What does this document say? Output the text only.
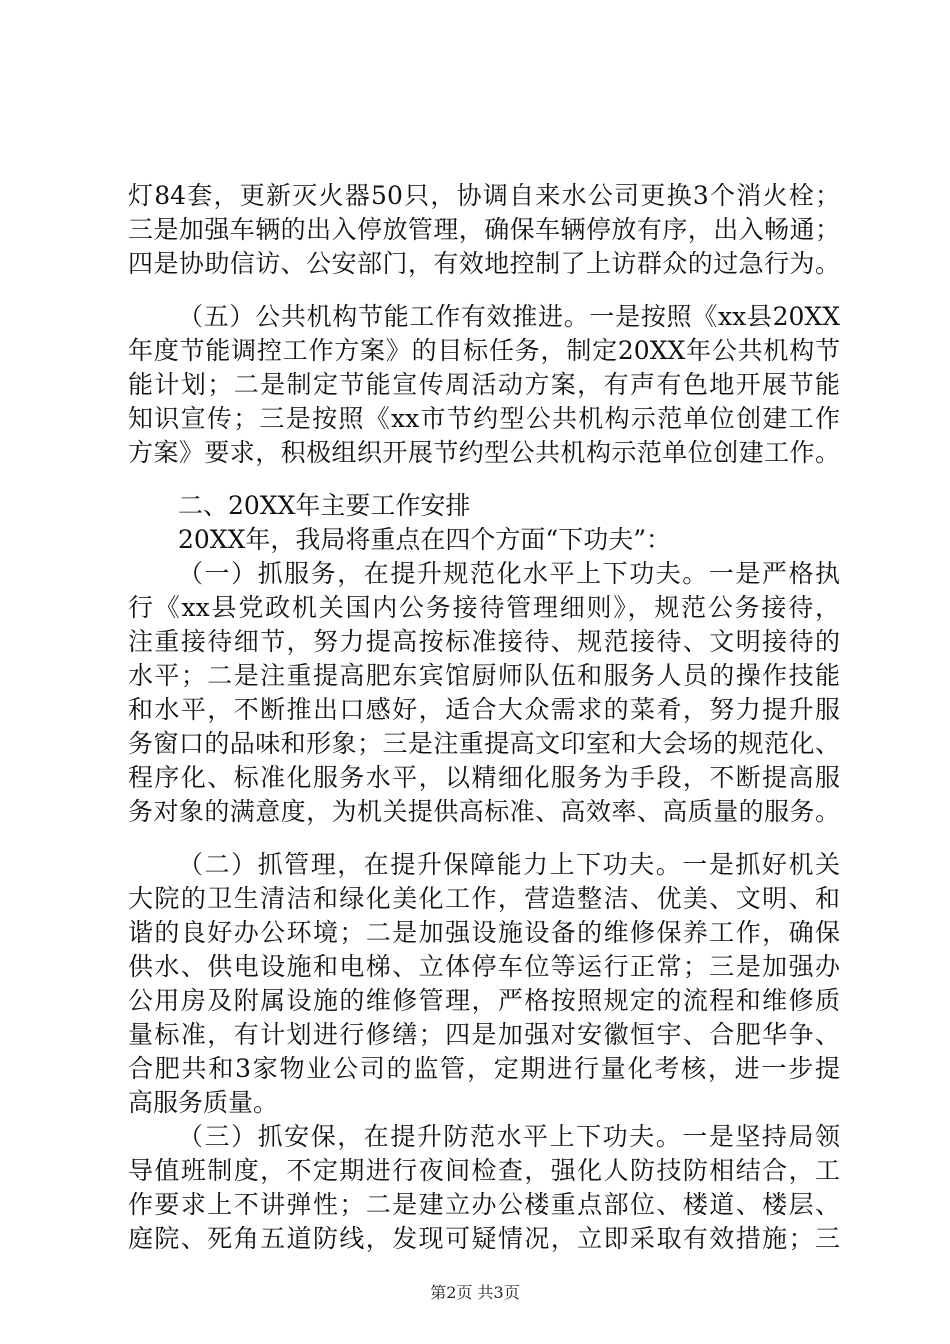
灯84套，更新灭火器50只，协调自来水公司更换3个消火栓；
三是加强车辆的出入停放管理，确保车辆停放有序，出入畅通；
四是协助信访、公安部门，有效地控制了上访群众的过急行为。
（五）公共机构节能工作有效推进。一是按照《xx县20XX
年度节能调控工作方案》的目标任务，制定20XX年公共机构节
能计划；二是制定节能宣传周活动方案，有声有色地开展节能
知识宣传；三是按照《xx市节约型公共机构示范单位创建工作
方案》要求，积极组织开展节约型公共机构示范单位创建工作。
二、20XX年主要工作安排
20XX年，我局将重点在四个方面“下功夫”：
（一）抓服务，在提升规范化水平上下功夫。一是严格执
行《xx县党政机关国内公务接待管理细则》，规范公务接待，
注重接待细节，努力提高按标准接待、规范接待、文明接待的
水平；二是注重提高肥东宾馆厨师队伍和服务人员的操作技能
和水平，不断推出口感好，适合大众需求的菜肴，努力提升服
务窗口的品味和形象；三是注重提高文印室和大会场的规范化、
程序化、标准化服务水平，以精细化服务为手段，不断提高服
务对象的满意度，为机关提供高标准、高效率、高质量的服务。
（二）抓管理，在提升保障能力上下功夫。一是抓好机关
大院的卫生清洁和绿化美化工作，营造整洁、优美、文明、和
谐的良好办公环境；二是加强设施设备的维修保养工作，确保
供水、供电设施和电梯、立体停车位等运行正常；三是加强办
公用房及附属设施的维修管理，严格按照规定的流程和维修质
量标准，有计划进行修缮；四是加强对安徽恒宇、合肥华争、
合肥共和3家物业公司的监管，定期进行量化考核，进一步提
高服务质量。
（三）抓安保，在提升防范水平上下功夫。一是坚持局领
导值班制度，不定期进行夜间检查，强化人防技防相结合，工
作要求上不讲弹性；二是建立办公楼重点部位、楼道、楼层、
庭院、死角五道防线，发现可疑情况，立即采取有效措施；三
第2页 共3页
